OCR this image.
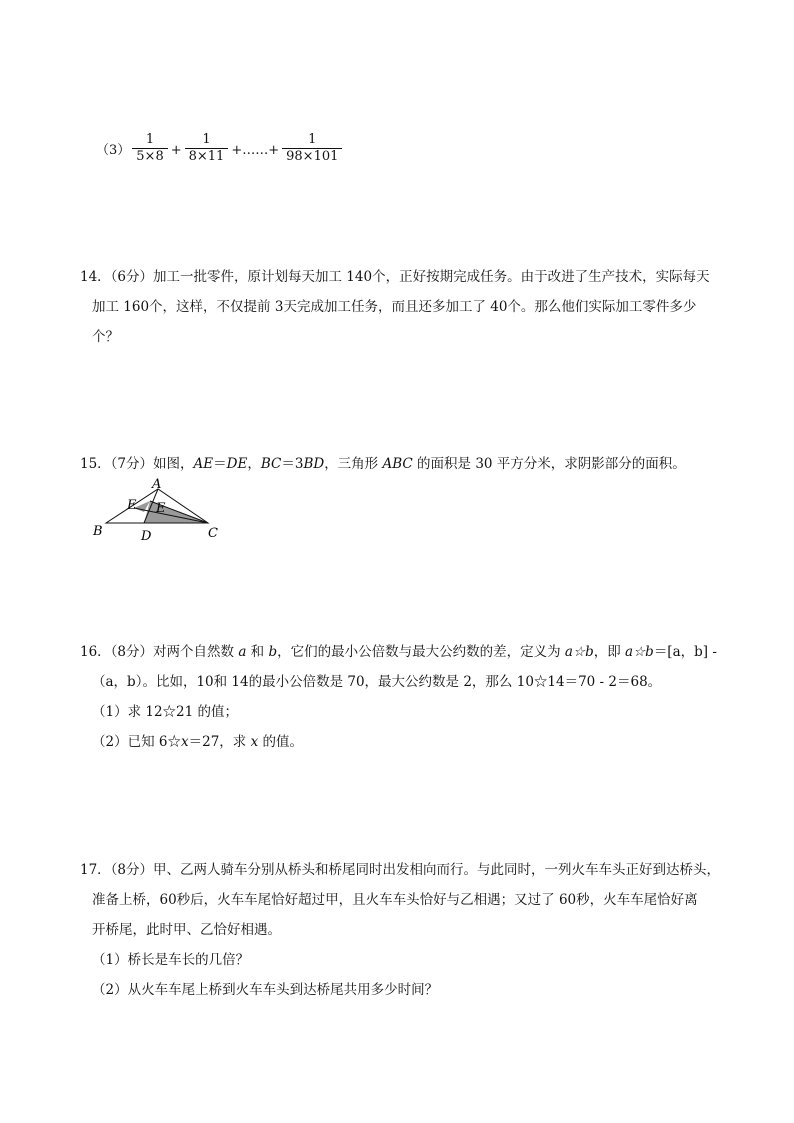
$(3) \frac{1}{5\times 8} + \frac{1}{8\times 11}$ +……+ $\frac{1}{98\times 101}$
14．（6分）加工一批零件，原计划每天加工 140个，正好按期完成任务。由于改进了生产技术，实际每天
加工 160个，这样，不仅提前 3天完成加工任务，而且还多加工了 40个。那么他们实际加工零件多少
个？
15．（7分）如图，AE＝DE，BC＝3BD，三角形 ABC 的面积是 30 平方分米，求阴影部分的面积。
A
B	C
D
E E
16．（8分）对两个自然数 a 和 b，它们的最小公倍数与最大公约数的差，定义为 a☆b，即 a☆b＝[a，b] -
（a，b）。比如，10和 14的最小公倍数是 70，最大公约数是 2，那么 10☆14＝70 - 2＝68。
（1）求 12☆21 的值；
（2）已知 6☆x＝27，求 x 的值。
17．（8分）甲、乙两人骑车分别从桥头和桥尾同时出发相向而行。与此同时，一列火车车头正好到达桥头，
准备上桥，60秒后，火车车尾恰好超过甲，且火车车头恰好与乙相遇；又过了 60秒，火车车尾恰好离
开桥尾，此时甲、乙恰好相遇。
（1）桥长是车长的几倍？
（2）从火车车尾上桥到火车车头到达桥尾共用多少时间？
